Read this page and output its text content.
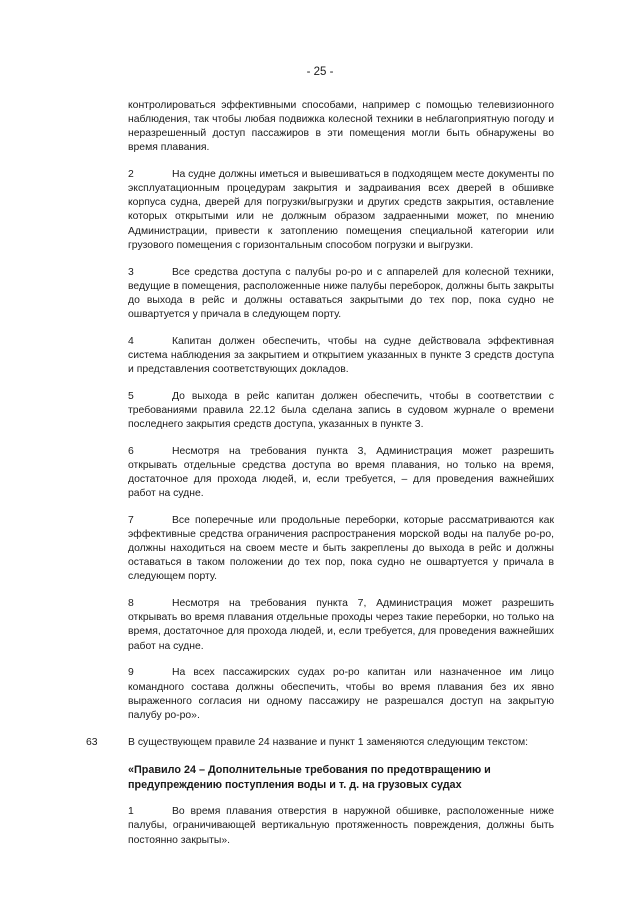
- 25 -

контролироваться эффективными способами, например с помощью телевизионного наблюдения, так чтобы любая подвижка колесной техники в неблагоприятную погоду и неразрешенный доступ пассажиров в эти помещения могли быть обнаружены во время плавания.

2	На судне должны иметься и вывешиваться в подходящем месте документы по эксплуатационным процедурам закрытия и задраивания всех дверей в обшивке корпуса судна, дверей для погрузки/выгрузки и других средств закрытия, оставление которых открытыми или не должным образом задраенными может, по мнению Администрации, привести к затоплению помещения специальной категории или грузового помещения с горизонтальным способом погрузки и выгрузки.

3	Все средства доступа с палубы ро-ро и с аппарелей для колесной техники, ведущие в помещения, расположенные ниже палубы переборок, должны быть закрыты до выхода в рейс и должны оставаться закрытыми до тех пор, пока судно не ошвартуется у причала в следующем порту.

4	Капитан должен обеспечить, чтобы на судне действовала эффективная система наблюдения за закрытием и открытием указанных в пункте 3 средств доступа и представления соответствующих докладов.

5	До выхода в рейс капитан должен обеспечить, чтобы в соответствии с требованиями правила 22.12 была сделана запись в судовом журнале о времени последнего закрытия средств доступа, указанных в пункте 3.

6	Несмотря на требования пункта 3, Администрация может разрешить открывать отдельные средства доступа во время плавания, но только на время, достаточное для прохода людей, и, если требуется, – для проведения важнейших работ на судне.

7	Все поперечные или продольные переборки, которые рассматриваются как эффективные средства ограничения распространения морской воды на палубе ро-ро, должны находиться на своем месте и быть закреплены до выхода в рейс и должны оставаться в таком положении до тех пор, пока судно не ошвартуется у причала в следующем порту.

8	Несмотря на требования пункта 7, Администрация может разрешить открывать во время плавания отдельные проходы через такие переборки, но только на время, достаточное для прохода людей, и, если требуется, для проведения важнейших работ на судне.

9	На всех пассажирских судах ро-ро капитан или назначенное им лицо командного состава должны обеспечить, чтобы во время плавания без их явно выраженного согласия ни одному пассажиру не разрешался доступ на закрытую палубу ро-ро».

63	В существующем правиле 24 название и пункт 1 заменяются следующим текстом:

«Правило 24 – Дополнительные требования по предотвращению и предупреждению поступления воды и т. д. на грузовых судах

1	Во время плавания отверстия в наружной обшивке, расположенные ниже палубы, ограничивающей вертикальную протяженность повреждения, должны быть постоянно закрыты».
